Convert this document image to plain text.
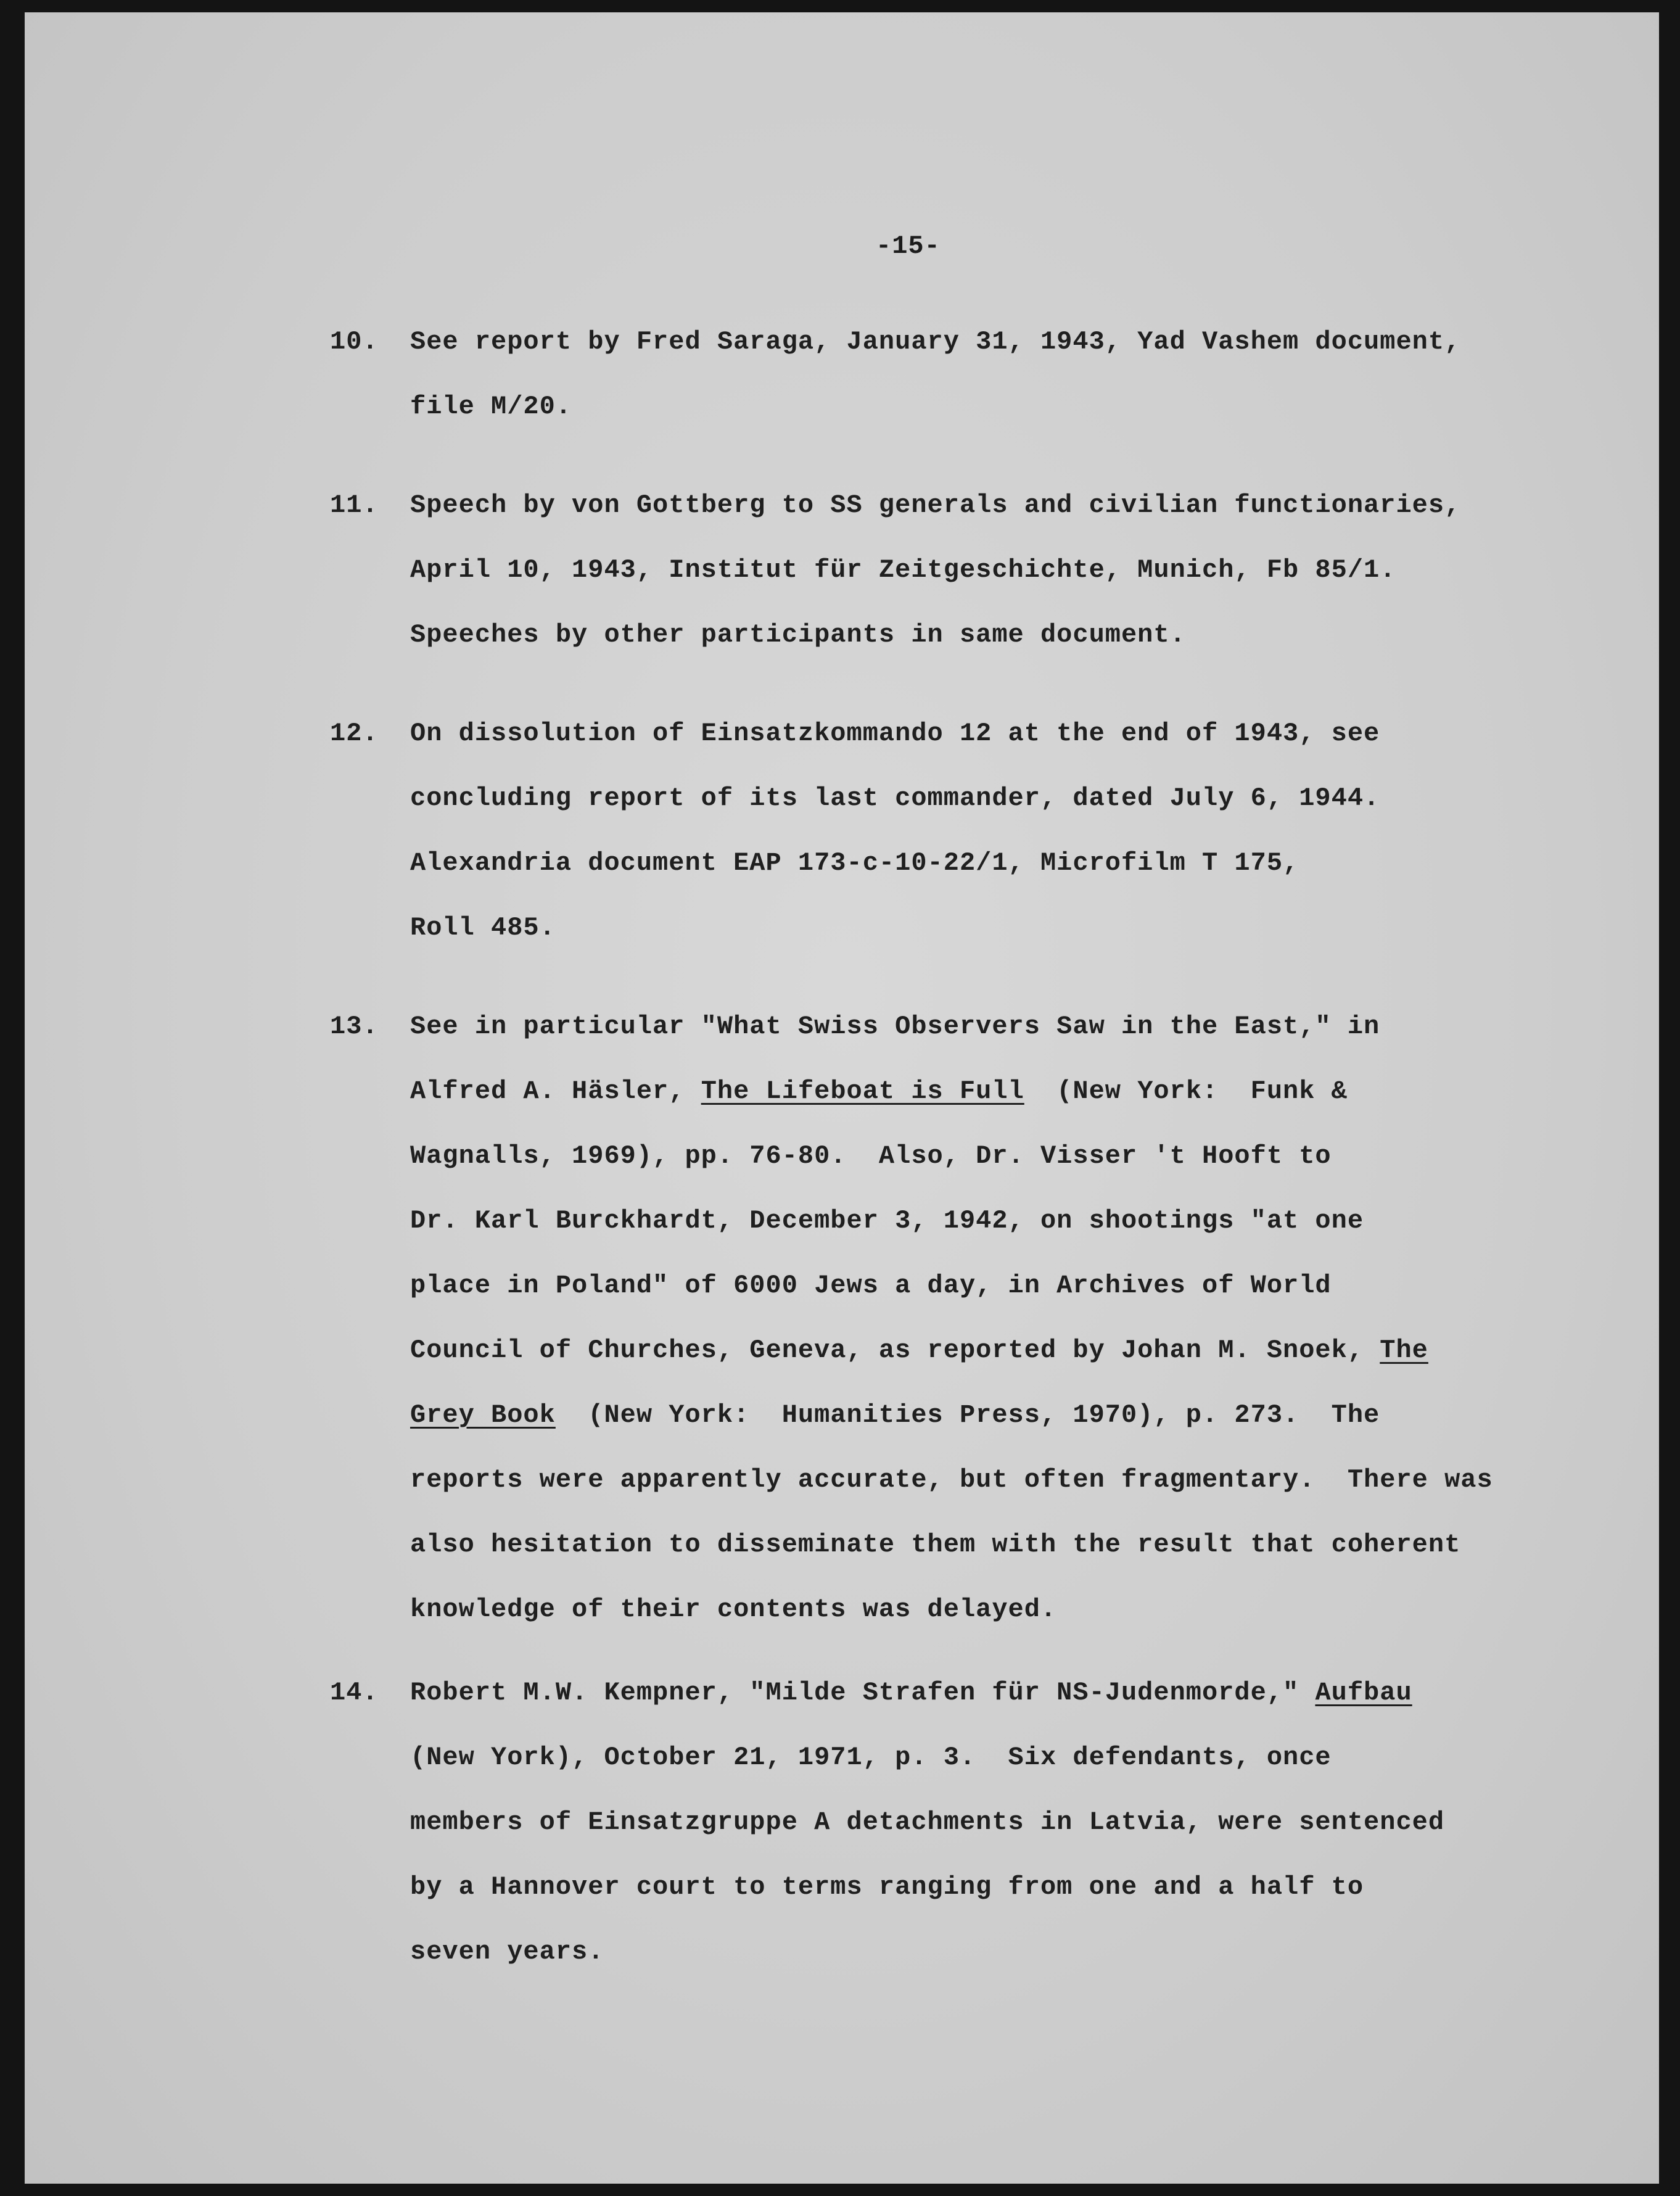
-15-
10. See report by Fred Saraga, January 31, 1943, Yad Vashem document,
file M/20.
11. Speech by von Gottberg to SS generals and civilian functionaries,
April 10, 1943, Institut für Zeitgeschichte, Munich, Fb 85/1.
Speeches by other participants in same document.
12. On dissolution of Einsatzkommando 12 at the end of 1943, see
concluding report of its last commander, dated July 6, 1944.
Alexandria document EAP 173-c-10-22/1, Microfilm T 175,
Roll 485.
13. See in particular "What Swiss Observers Saw in the East," in
Alfred A. Häsler, The Lifeboat is Full  (New York:  Funk &
Wagnalls, 1969), pp. 76-80.  Also, Dr. Visser 't Hooft to
Dr. Karl Burckhardt, December 3, 1942, on shootings "at one
place in Poland" of 6000 Jews a day, in Archives of World
Council of Churches, Geneva, as reported by Johan M. Snoek, The
Grey Book  (New York:  Humanities Press, 1970), p. 273.  The
reports were apparently accurate, but often fragmentary.  There was
also hesitation to disseminate them with the result that coherent
knowledge of their contents was delayed.
14. Robert M.W. Kempner, "Milde Strafen für NS-Judenmorde," Aufbau
(New York), October 21, 1971, p. 3.  Six defendants, once
members of Einsatzgruppe A detachments in Latvia, were sentenced
by a Hannover court to terms ranging from one and a half to
seven years.
